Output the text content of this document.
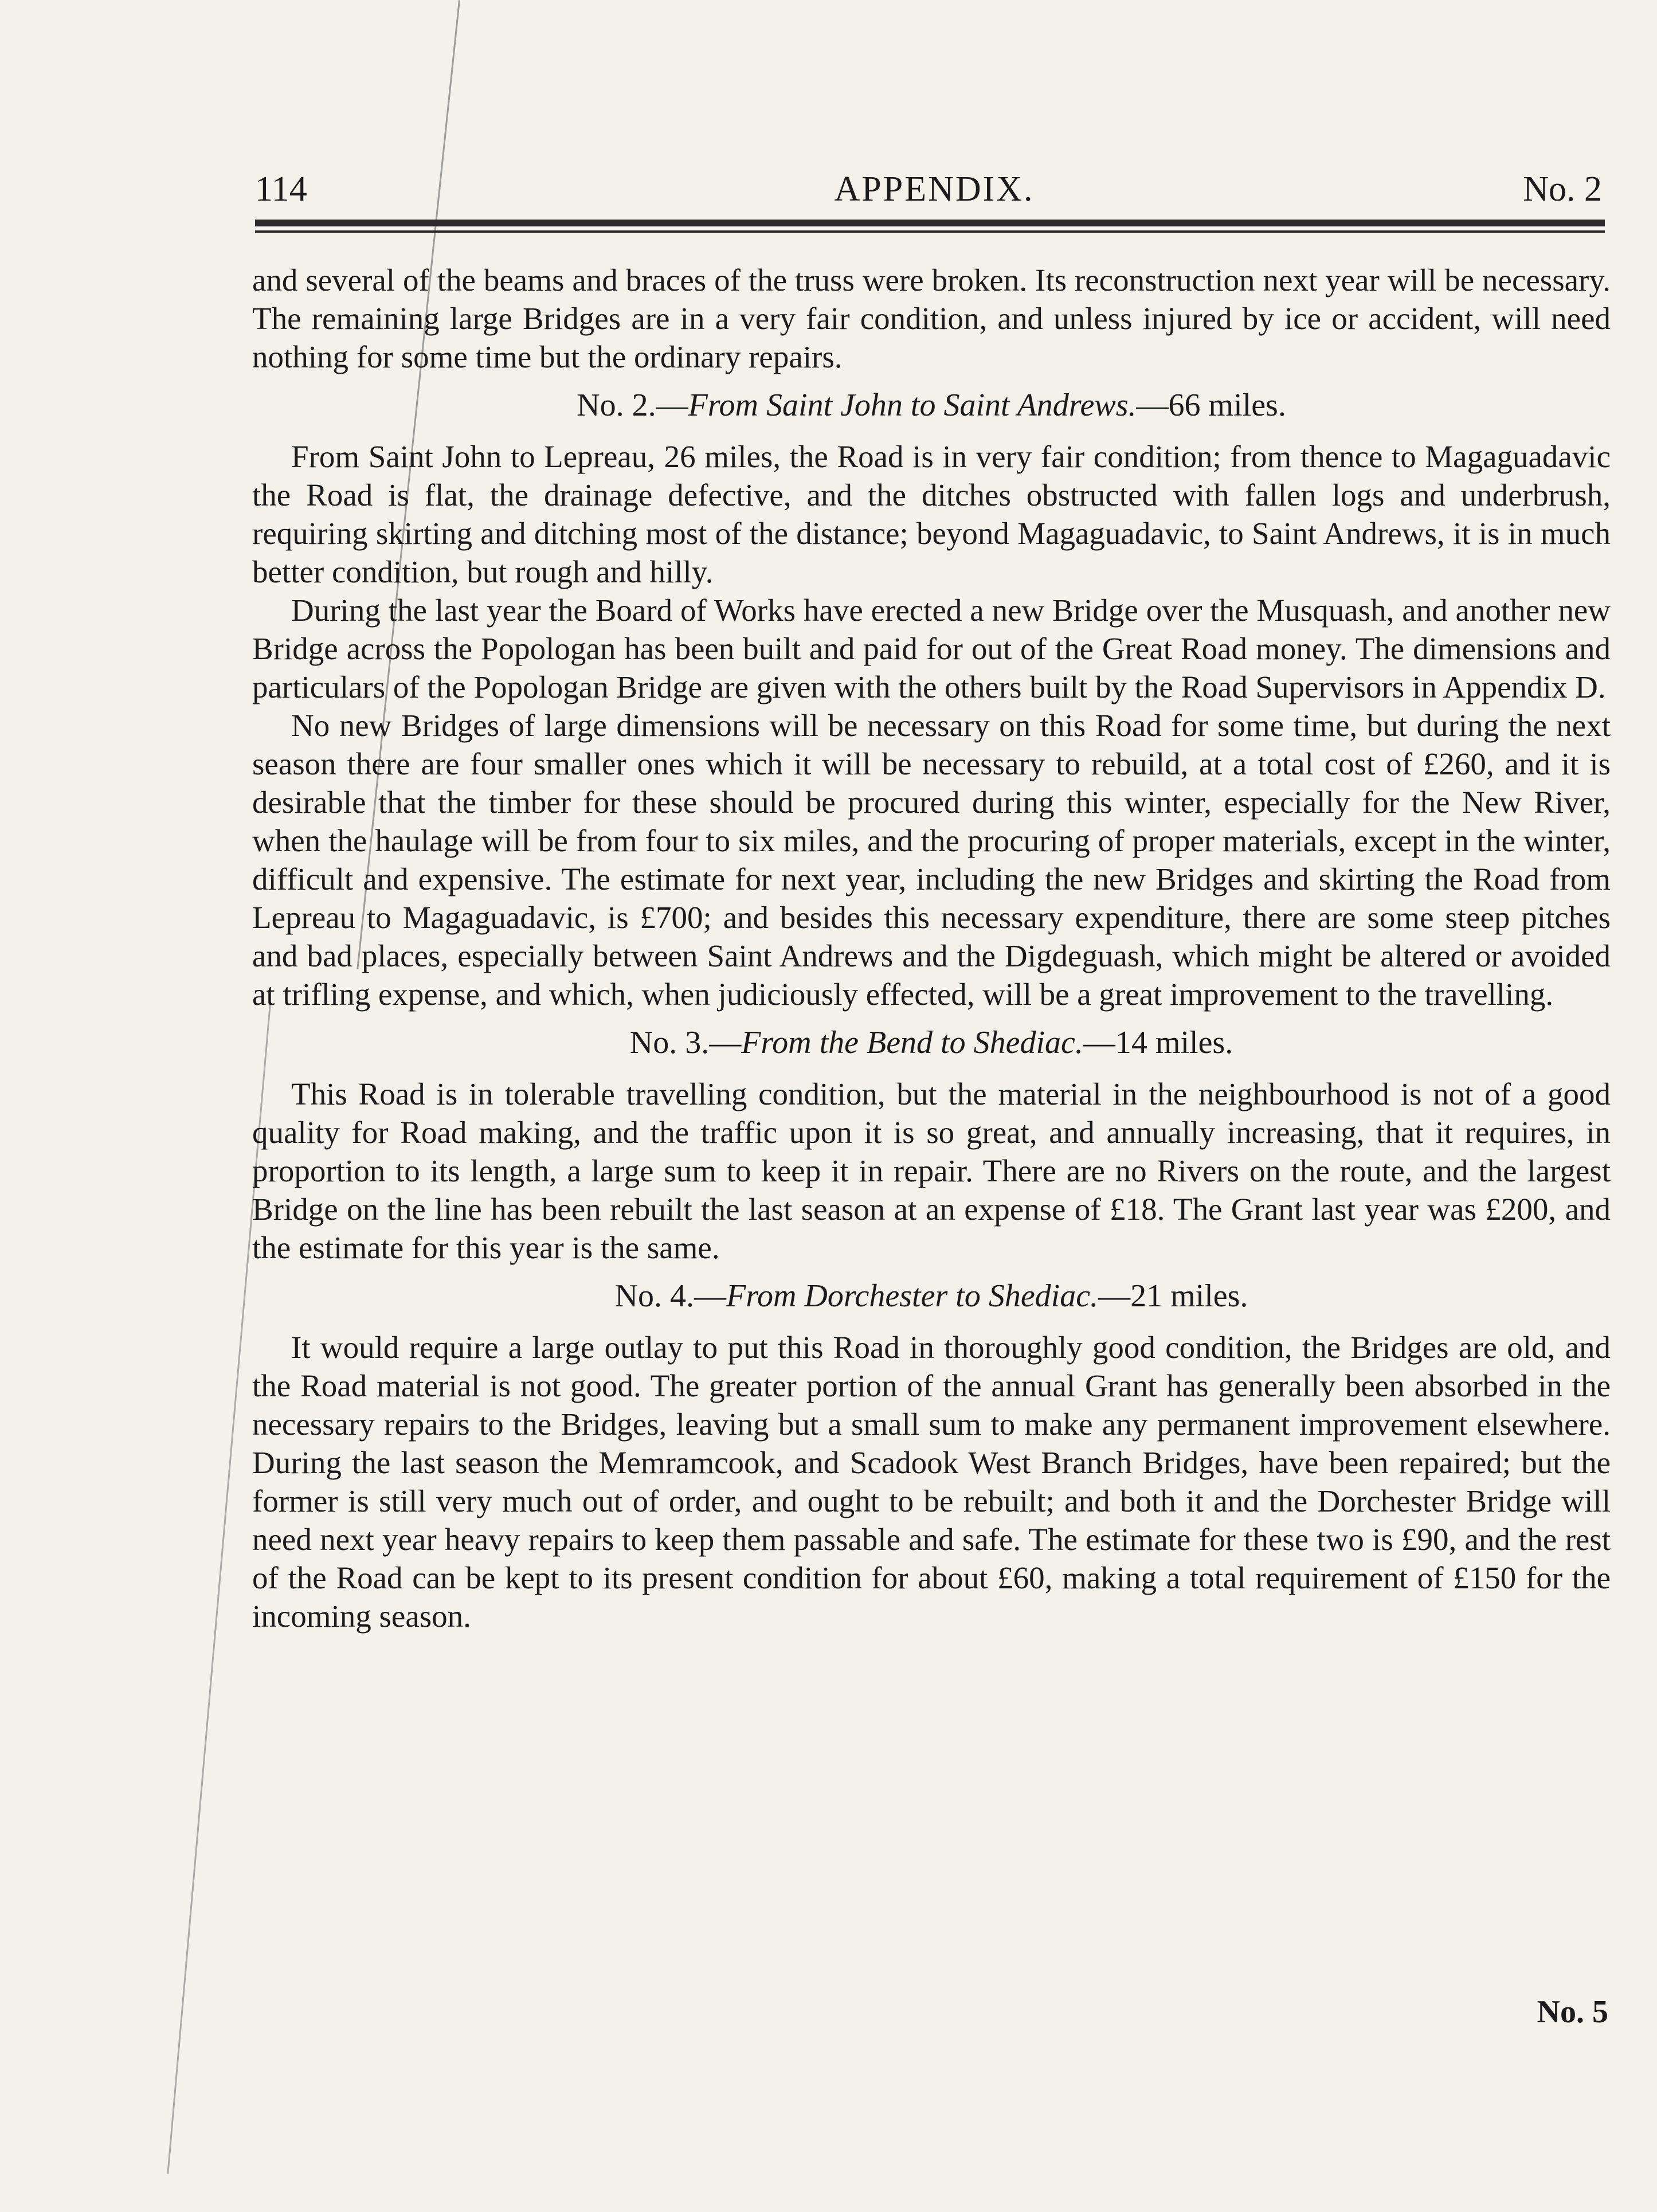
114	APPENDIX.	No. 2

and several of the beams and braces of the truss were broken. Its reconstruction next year will be necessary. The remaining large Bridges are in a very fair condition, and unless injured by ice or accident, will need nothing for some time but the ordinary repairs.

No. 2.—From Saint John to Saint Andrews.—66 miles.

From Saint John to Lepreau, 26 miles, the Road is in very fair condition; from thence to Magaguadavic the Road is flat, the drainage defective, and the ditches obstructed with fallen logs and underbrush, requiring skirting and ditching most of the distance; beyond Magaguadavic, to Saint Andrews, it is in much better condition, but rough and hilly.

During the last year the Board of Works have erected a new Bridge over the Musquash, and another new Bridge across the Popologan has been built and paid for out of the Great Road money. The dimensions and particulars of the Popologan Bridge are given with the others built by the Road Supervisors in Appendix D.

No new Bridges of large dimensions will be necessary on this Road for some time, but during the next season there are four smaller ones which it will be necessary to rebuild, at a total cost of £260, and it is desirable that the timber for these should be procured during this winter, especially for the New River, when the haulage will be from four to six miles, and the procuring of proper materials, except in the winter, difficult and expensive. The estimate for next year, including the new Bridges and skirting the Road from Lepreau to Magaguadavic, is £700; and besides this necessary expenditure, there are some steep pitches and bad places, especially between Saint Andrews and the Digdeguash, which might be altered or avoided at trifling expense, and which, when judiciously effected, will be a great improvement to the travelling.

No. 3.—From the Bend to Shediac.—14 miles.

This Road is in tolerable travelling condition, but the material in the neighbourhood is not of a good quality for Road making, and the traffic upon it is so great, and annually increasing, that it requires, in proportion to its length, a large sum to keep it in repair. There are no Rivers on the route, and the largest Bridge on the line has been rebuilt the last season at an expense of £18. The Grant last year was £200, and the estimate for this year is the same.

No. 4.—From Dorchester to Shediac.—21 miles.

It would require a large outlay to put this Road in thoroughly good condition, the Bridges are old, and the Road material is not good. The greater portion of the annual Grant has generally been absorbed in the necessary repairs to the Bridges, leaving but a small sum to make any permanent improvement elsewhere. During the last season the Memramcook, and Scadook West Branch Bridges, have been repaired; but the former is still very much out of order, and ought to be rebuilt; and both it and the Dorchester Bridge will need next year heavy repairs to keep them passable and safe. The estimate for these two is £90, and the rest of the Road can be kept to its present condition for about £60, making a total requirement of £150 for the incoming season.

No. 5
